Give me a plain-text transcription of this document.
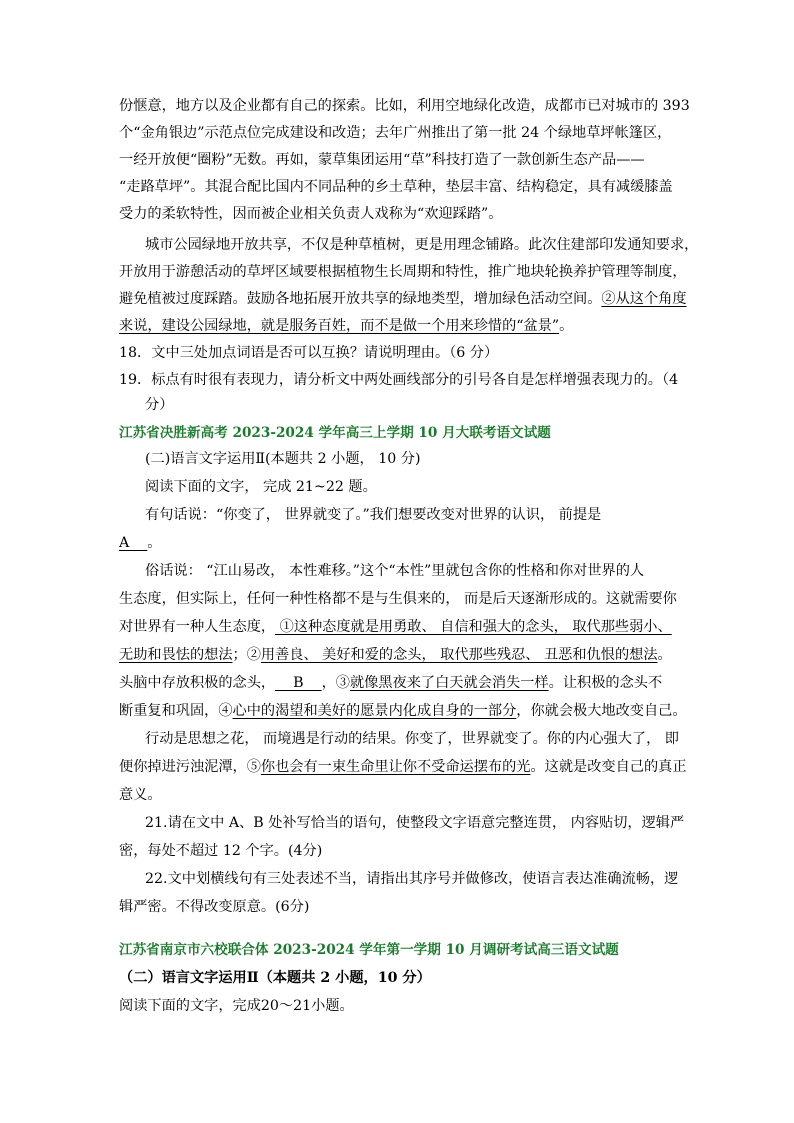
份惬意，地方以及企业都有自己的探索。比如，利用空地绿化改造，成都市已对城市的 393
个“金角银边”示范点位完成建设和改造；去年广州推出了第一批 24 个绿地草坪帐篷区，
一经开放便“圈粉”无数。再如，蒙草集团运用“草”科技打造了一款创新生态产品——
“走路草坪”。其混合配比国内不同品种的乡土草种，垫层丰富、结构稳定，具有减缓膝盖
受力的柔软特性，因而被企业相关负责人戏称为“欢迎踩踏”。
城市公园绿地开放共享，不仅是种草植树，更是用理念铺路。此次住建部印发通知要求，
开放用于游憩活动的草坪区域要根据植物生长周期和特性，推广地块轮换养护管理等制度，
避免植被过度踩踏。鼓励各地拓展开放共享的绿地类型，增加绿色活动空间。②从这个角度
来说，建设公园绿地，就是服务百姓，而不是做一个用来珍惜的“盆景”。
18．文中三处加点词语是否可以互换？请说明理由。（6 分）
19．标点有时很有表现力，请分析文中两处画线部分的引号各自是怎样增强表现力的。（4
分）
江苏省决胜新高考 2023-2024 学年高三上学期 10 月大联考语文试题
(二)语言文字运用Ⅱ(本题共 2 小题， 10 分)
阅读下面的文字， 完成 21~22 题。
有句话说：“你变了， 世界就变了。”我们想要改变对世界的认识， 前提是
A    。
俗话说： “江山易改， 本性难移。”这个“本性”里就包含你的性格和你对世界的人
生态度，但实际上，任何一种性格都不是与生俱来的， 而是后天逐渐形成的。这就需要你
对世界有一种人生态度， ①这种态度就是用勇敢、 自信和强大的念头， 取代那些弱小、
无助和畏怯的想法；②用善良、 美好和爱的念头， 取代那些残忍、 丑恶和仇恨的想法。
头脑中存放积极的念头，    B    ，③就像黑夜来了白天就会消失一样。让积极的念头不
断重复和巩固，④心中的渴望和美好的愿景内化成自身的一部分，你就会极大地改变自己。
行动是思想之花， 而境遇是行动的结果。你变了，世界就变了。你的内心强大了， 即
便你掉进污浊泥潭，⑤你也会有一束生命里让你不受命运摆布的光。这就是改变自己的真正
意义。
21.请在文中 A、B 处补写恰当的语句，使整段文字语意完整连贯， 内容贴切，逻辑严
密，每处不超过 12 个字。(4分)
22.文中划横线句有三处表述不当，请指出其序号并做修改，使语言表达准确流畅，逻
辑严密。不得改变原意。(6分)
江苏省南京市六校联合体 2023-2024 学年第一学期 10 月调研考试高三语文试题
（二）语言文字运用Ⅱ（本题共 2 小题，10 分）
阅读下面的文字，完成20～21小题。
